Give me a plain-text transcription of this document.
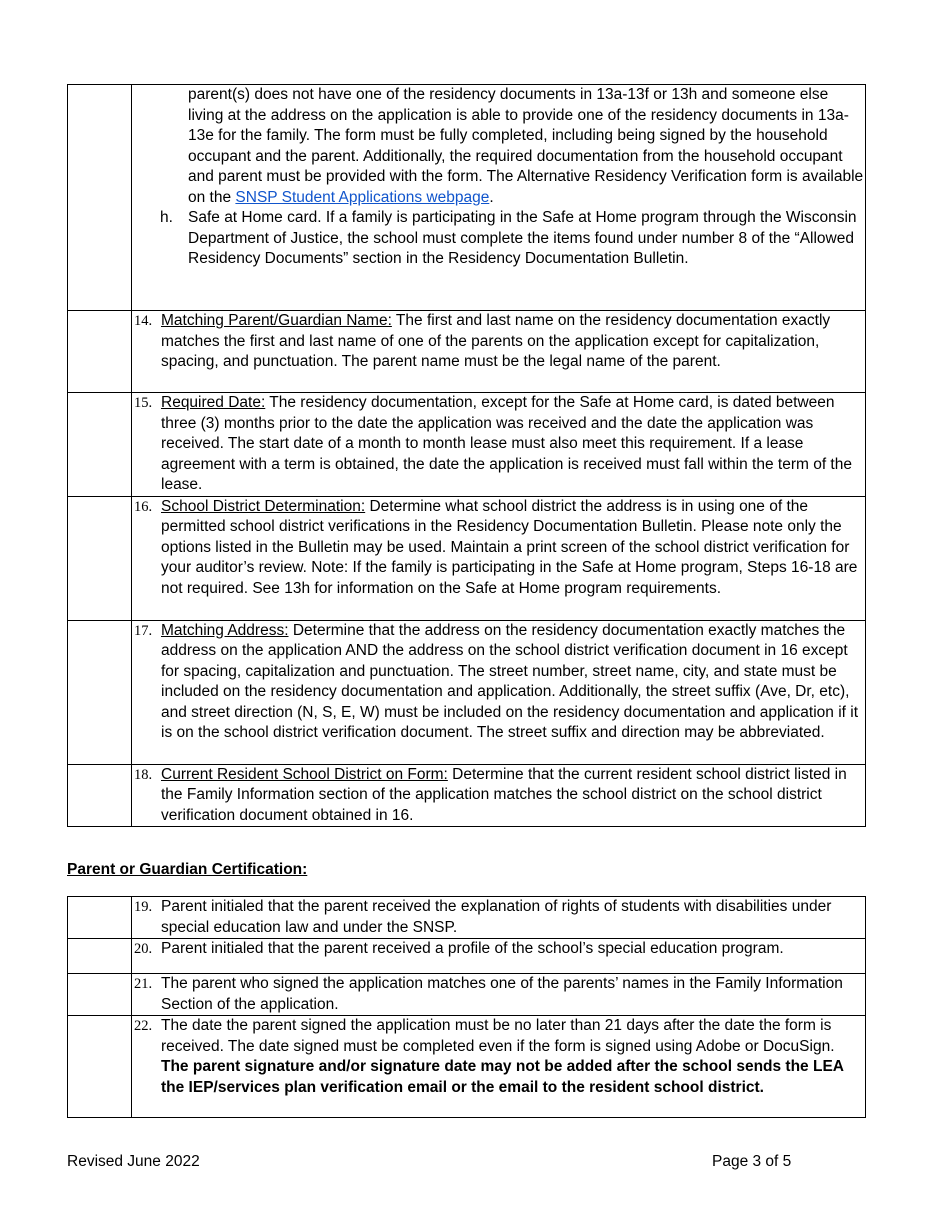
	parent(s) does not have one of the residency documents in 13a-13f or 13h and someone else living at the address on the application is able to provide one of the residency documents in 13a-13e for the family. The form must be fully completed, including being signed by the household occupant and the parent. Additionally, the required documentation from the household occupant and parent must be provided with the form. The Alternative Residency Verification form is available on the SNSP Student Applications webpage.
h. Safe at Home card. If a family is participating in the Safe at Home program through the Wisconsin Department of Justice, the school must complete the items found under number 8 of the “Allowed Residency Documents” section in the Residency Documentation Bulletin.

	14. Matching Parent/Guardian Name: The first and last name on the residency documentation exactly matches the first and last name of one of the parents on the application except for capitalization, spacing, and punctuation. The parent name must be the legal name of the parent.

	15. Required Date: The residency documentation, except for the Safe at Home card, is dated between three (3) months prior to the date the application was received and the date the application was received. The start date of a month to month lease must also meet this requirement. If a lease agreement with a term is obtained, the date the application is received must fall within the term of the lease.

	16. School District Determination: Determine what school district the address is in using one of the permitted school district verifications in the Residency Documentation Bulletin. Please note only the options listed in the Bulletin may be used. Maintain a print screen of the school district verification for your auditor’s review. Note: If the family is participating in the Safe at Home program, Steps 16-18 are not required. See 13h for information on the Safe at Home program requirements.

	17. Matching Address: Determine that the address on the residency documentation exactly matches the address on the application AND the address on the school district verification document in 16 except for spacing, capitalization and punctuation. The street number, street name, city, and state must be included on the residency documentation and application. Additionally, the street suffix (Ave, Dr, etc), and street direction (N, S, E, W) must be included on the residency documentation and application if it is on the school district verification document. The street suffix and direction may be abbreviated.

	18. Current Resident School District on Form: Determine that the current resident school district listed in the Family Information section of the application matches the school district on the school district verification document obtained in 16.
Parent or Guardian Certification:

	19. Parent initialed that the parent received the explanation of rights of students with disabilities under special education law and under the SNSP.

	20. Parent initialed that the parent received a profile of the school’s special education program.

	21. The parent who signed the application matches one of the parents’ names in the Family Information Section of the application.

	22. The date the parent signed the application must be no later than 21 days after the date the form is received. The date signed must be completed even if the form is signed using Adobe or DocuSign. The parent signature and/or signature date may not be added after the school sends the LEA the IEP/services plan verification email or the email to the resident school district.
Revised June 2022	Page 3 of 5
